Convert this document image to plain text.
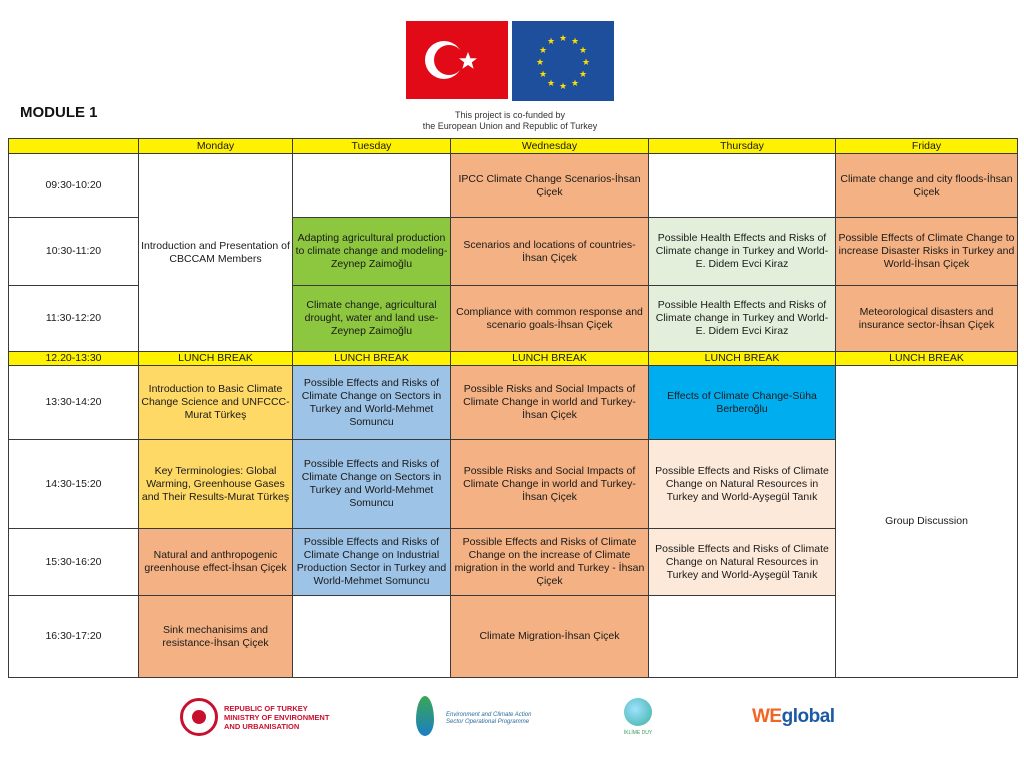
★ ★
★
★
★
★
★
★
★
★
★
★
This project is co-funded by
the European Union and Republic of Turkey
MODULE 1
	Monday	Tuesday	Wednesday	Thursday	Friday
09:30-10:20	Introduction and Presentation of CBCCAM Members		IPCC Climate Change Scenarios-İhsan Çiçek		Climate change and city floods-İhsan Çiçek
10:30-11:20		Adapting agricultural production to climate change and modeling-Zeynep Zaimoğlu	Scenarios and locations of countries-İhsan Çiçek	Possible Health Effects and Risks of Climate change in Turkey and World-E. Didem Evci Kiraz	Possible Effects of Climate Change to increase Disaster Risks in Turkey and World-İhsan Çiçek
11:30-12:20		Climate change, agricultural drought, water and land use-Zeynep Zaimoğlu	Compliance with common response and scenario goals-İhsan Çiçek	Possible Health Effects and Risks of Climate change in Turkey and World-E. Didem Evci Kiraz	Meteorological disasters and insurance sector-İhsan Çiçek
12.20-13:30	LUNCH BREAK	LUNCH BREAK	LUNCH BREAK	LUNCH BREAK	LUNCH BREAK
13:30-14:20	Introduction to Basic Climate Change Science and UNFCCC-Murat Türkeş	Possible Effects and Risks of Climate Change on Sectors in Turkey and World-Mehmet Somuncu	Possible Risks and Social Impacts of Climate Change in world and Turkey-İhsan Çiçek	Effects of Climate Change-Süha Berberoğlu	Group Discussion
14:30-15:20	Key Terminologies: Global Warming, Greenhouse Gases and Their Results-Murat Türkeş	Possible Effects and Risks of Climate Change on Sectors in Turkey and World-Mehmet Somuncu	Possible Risks and Social Impacts of Climate Change in world and Turkey-İhsan Çiçek	Possible Effects and Risks of Climate Change on Natural Resources in Turkey and World-Ayşegül Tanık	
15:30-16:20	Natural and anthropogenic greenhouse effect-İhsan Çiçek	Possible Effects and Risks of Climate Change on Industrial Production Sector in Turkey and World-Mehmet Somuncu	Possible Effects and Risks of Climate Change on the increase of Climate migration in the world and Turkey - İhsan Çiçek	Possible Effects and Risks of Climate Change on Natural Resources in Turkey and World-Ayşegül Tanık	
16:30-17:20	Sink mechanisims and resistance-İhsan Çiçek		Climate Migration-İhsan Çiçek		
REPUBLIC OF TURKEY
MINISTRY OF ENVIRONMENT
AND URBANISATION
Environment and Climate Action
Sector Operational Programme
İKLİME DUY
WEglobal
